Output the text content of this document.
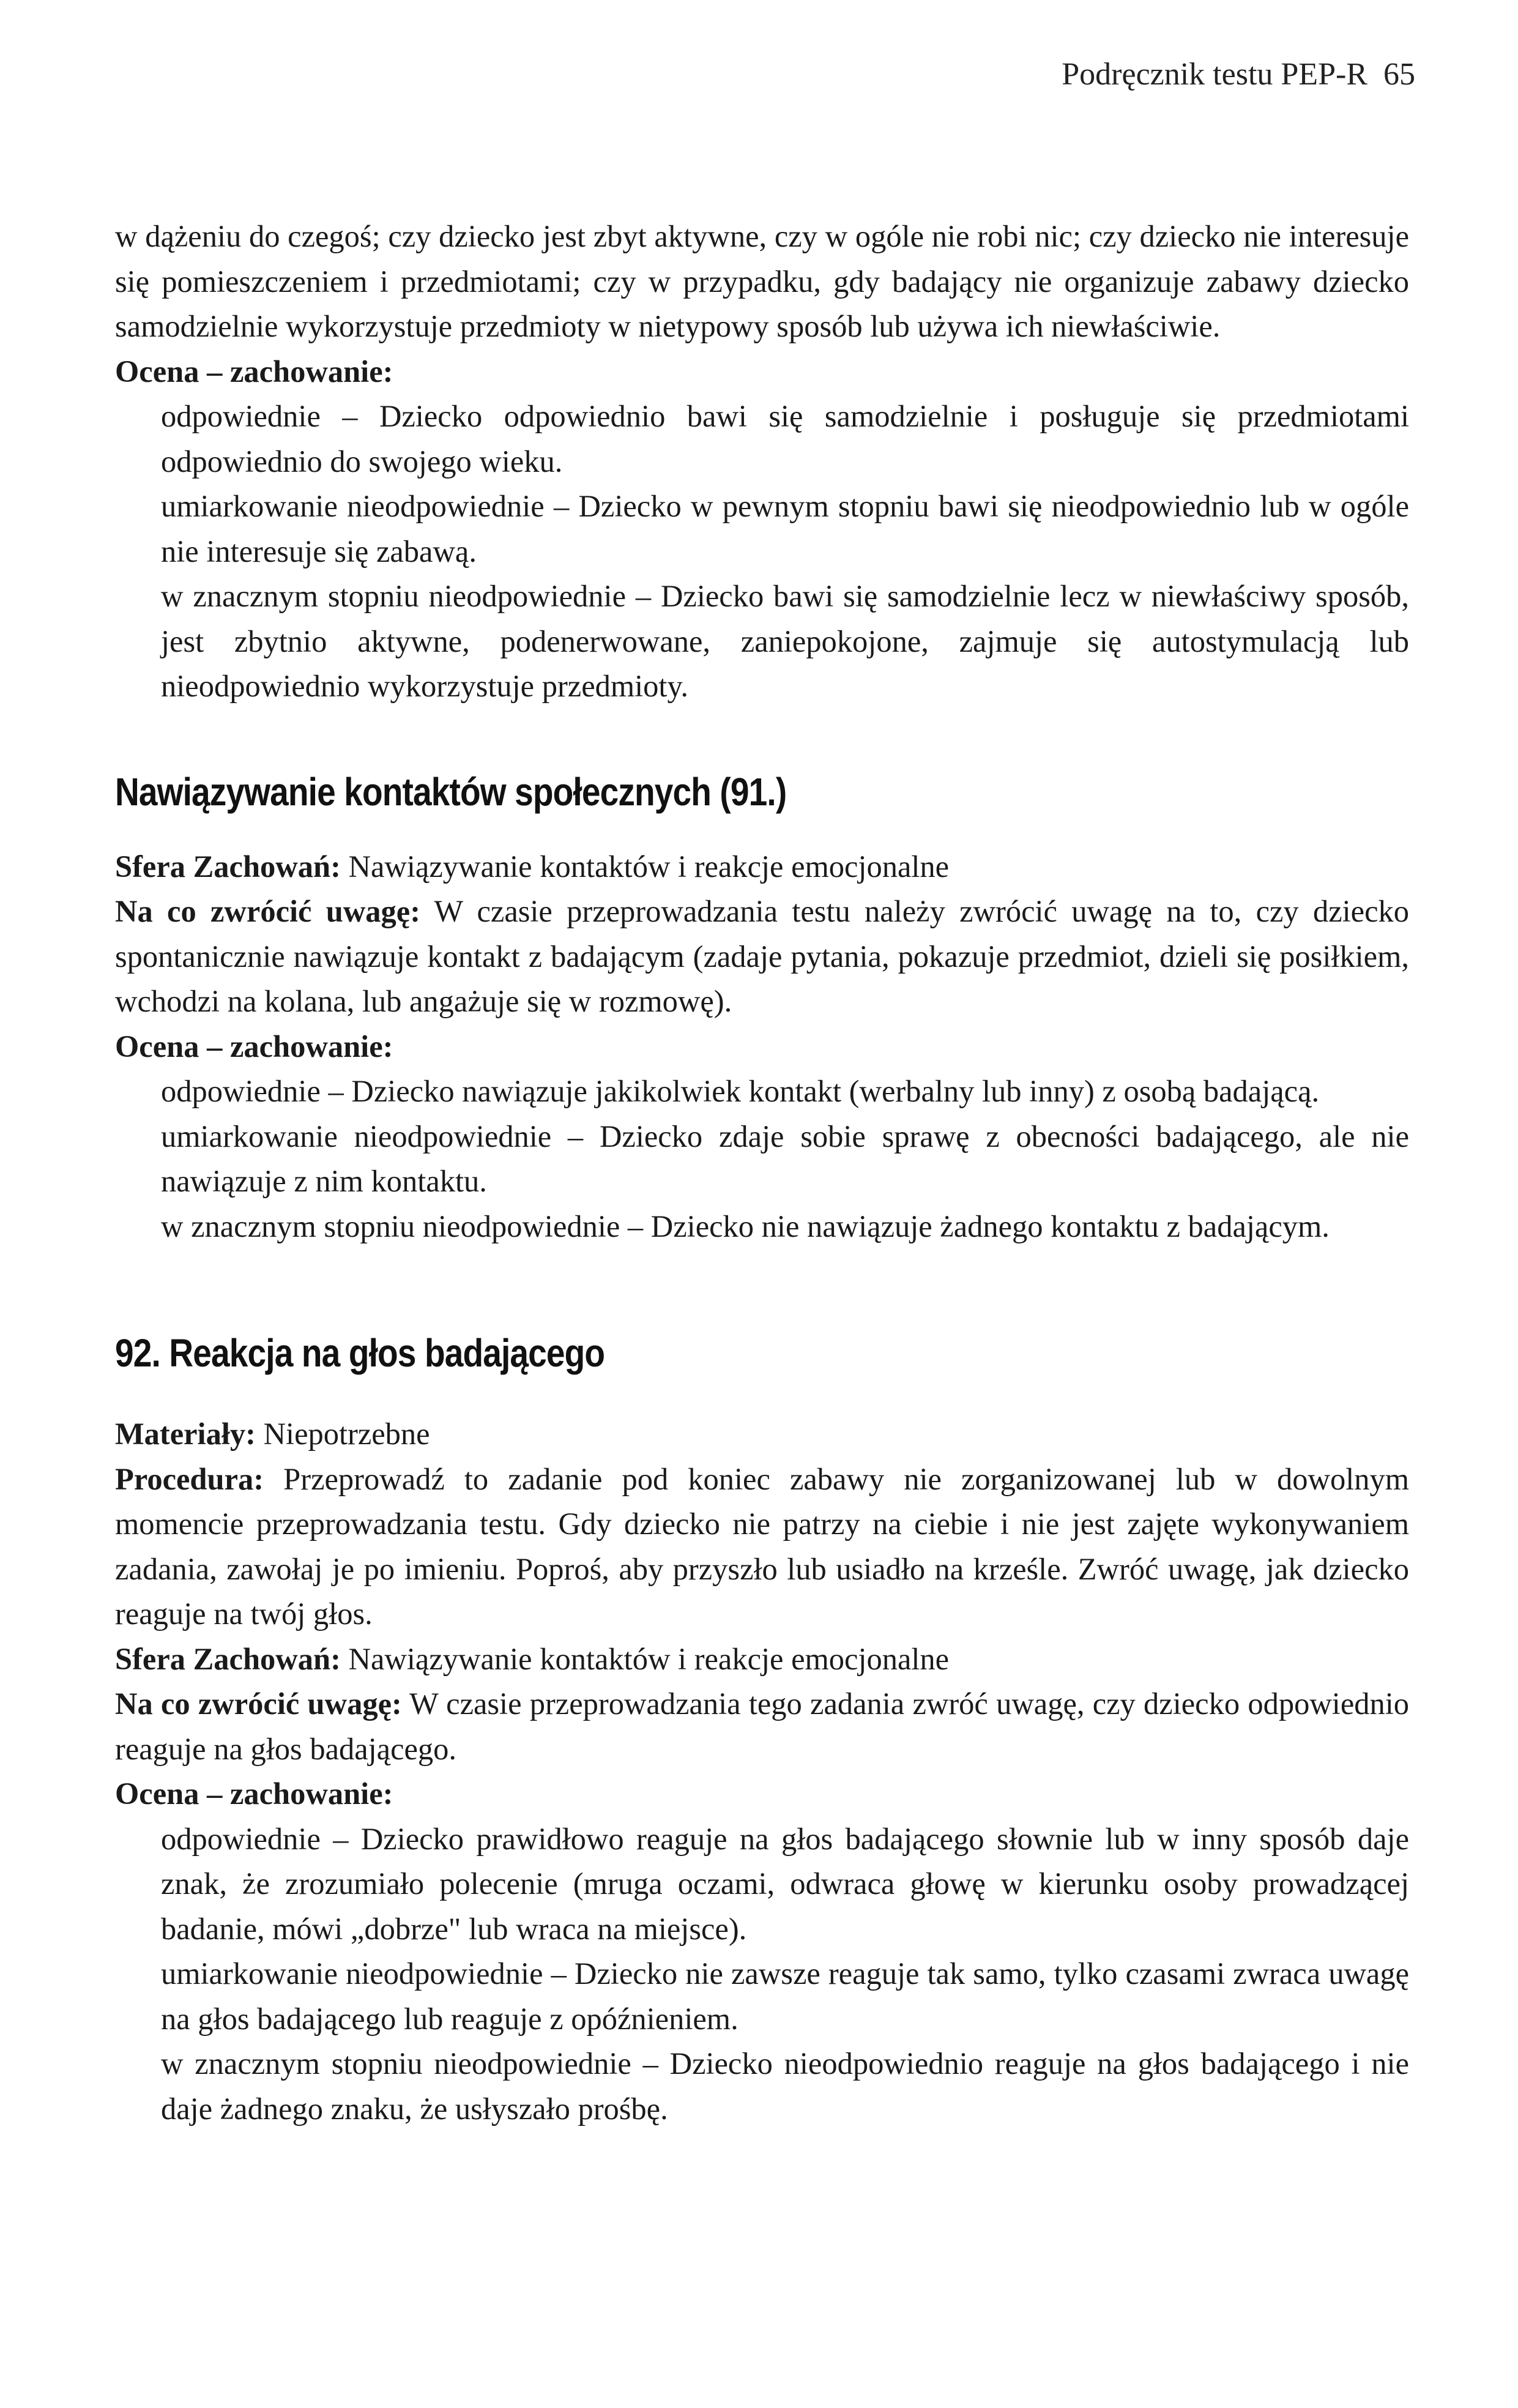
Podręcznik testu PEP-R 65

w dążeniu do czegoś; czy dziecko jest zbyt aktywne, czy w ogóle nie robi nic; czy dziecko nie interesuje się pomieszczeniem i przedmiotami; czy w przypadku, gdy badający nie organizuje zabawy dziecko samodzielnie wykorzystuje przedmioty w nietypowy sposób lub używa ich niewłaściwie.

Ocena – zachowanie:

odpowiednie – Dziecko odpowiednio bawi się samodzielnie i posługuje się przedmiotami odpowiednio do swojego wieku.

umiarkowanie nieodpowiednie – Dziecko w pewnym stopniu bawi się nieodpowiednio lub w ogóle nie interesuje się zabawą.

w znacznym stopniu nieodpowiednie – Dziecko bawi się samodzielnie lecz w niewłaściwy sposób, jest zbytnio aktywne, podenerwowane, zaniepokojone, zajmuje się autostymulacją lub nieodpowiednio wykorzystuje przedmioty.

Nawiązywanie kontaktów społecznych (91.)

Sfera Zachowań: Nawiązywanie kontaktów i reakcje emocjonalne

Na co zwrócić uwagę: W czasie przeprowadzania testu należy zwrócić uwagę na to, czy dziecko spontanicznie nawiązuje kontakt z badającym (zadaje pytania, pokazuje przedmiot, dzieli się posiłkiem, wchodzi na kolana, lub angażuje się w rozmowę).

Ocena – zachowanie:

odpowiednie – Dziecko nawiązuje jakikolwiek kontakt (werbalny lub inny) z osobą badającą.

umiarkowanie nieodpowiednie – Dziecko zdaje sobie sprawę z obecności badającego, ale nie nawiązuje z nim kontaktu.

w znacznym stopniu nieodpowiednie – Dziecko nie nawiązuje żadnego kontaktu z badającym.

92. Reakcja na głos badającego

Materiały: Niepotrzebne

Procedura: Przeprowadź to zadanie pod koniec zabawy nie zorganizowanej lub w dowolnym momencie przeprowadzania testu. Gdy dziecko nie patrzy na ciebie i nie jest zajęte wykonywaniem zadania, zawołaj je po imieniu. Poproś, aby przyszło lub usiadło na krześle. Zwróć uwagę, jak dziecko reaguje na twój głos.

Sfera Zachowań: Nawiązywanie kontaktów i reakcje emocjonalne

Na co zwrócić uwagę: W czasie przeprowadzania tego zadania zwróć uwagę, czy dziecko odpowiednio reaguje na głos badającego.

Ocena – zachowanie:

odpowiednie – Dziecko prawidłowo reaguje na głos badającego słownie lub w inny sposób daje znak, że zrozumiało polecenie (mruga oczami, odwraca głowę w kierunku osoby prowadzącej badanie, mówi „dobrze" lub wraca na miejsce).

umiarkowanie nieodpowiednie – Dziecko nie zawsze reaguje tak samo, tylko czasami zwraca uwagę na głos badającego lub reaguje z opóźnieniem.

w znacznym stopniu nieodpowiednie – Dziecko nieodpowiednio reaguje na głos badającego i nie daje żadnego znaku, że usłyszało prośbę.
